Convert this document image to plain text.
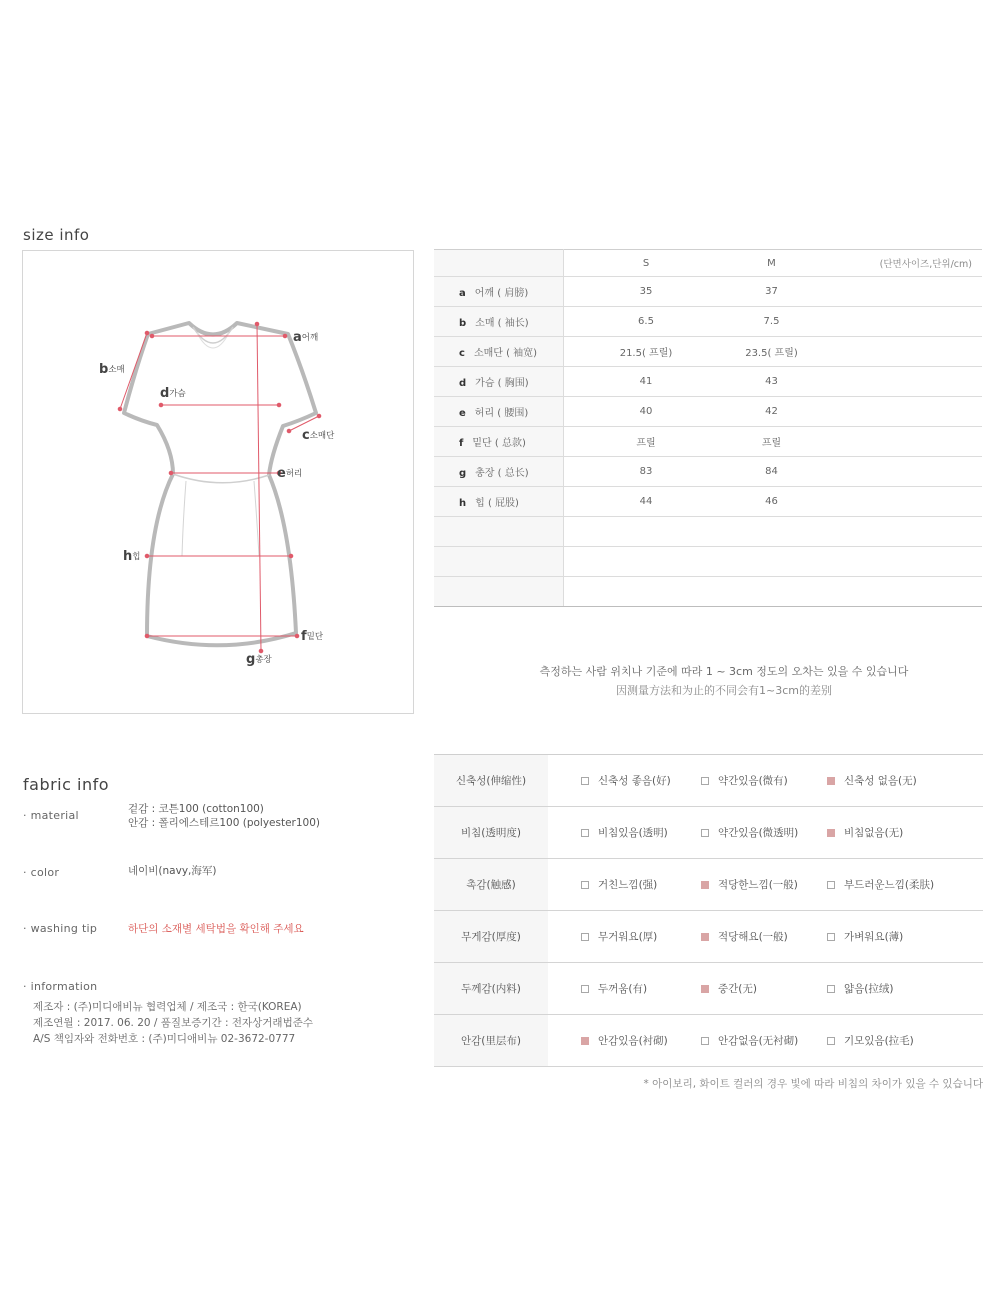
size info
a어깨
b소매
c소매단
d가슴
e허리
f밑단
g총장
h힙
	S	M	(단면사이즈,단위/cm)
a 어깨 ( 肩膀)	35	37	
b 소매 ( 袖长)	6.5	7.5	
c 소매단 ( 袖宽)	21.5( 프릴)	23.5( 프릴)	
d 가슴 ( 胸围)	41	43	
e 허리 ( 腰围)	40	42	
f 밑단 ( 总款)	프릴	프릴	
g 총장 ( 总长)	83	84	
h 힙 ( 屁股)	44	46	

측정하는 사람 위치나 기준에 따라 1 ~ 3cm 정도의 오차는 있을 수 있습니다
因测量方法和为止的不同会有1~3cm的差别
fabric info
· material	겉감 : 코튼100 (cotton100)
안감 : 폴리에스테르100 (polyester100)
· color	네이비(navy,海军)
· washing tip	하단의 소재별 세탁법을 확인해 주세요
· information
제조자 : (주)미디애비뉴 협력업체 / 제조국 : 한국(KOREA)
제조연월 : 2017. 06. 20 / 품질보증기간 : 전자상거래법준수
A/S 책임자와 전화번호 : (주)미디애비뉴 02-3672-0777
신축성(伸缩性)	신축성 좋음(好)	약간있음(微有)	신축성 없음(无)
비침(透明度)	비침있음(透明)	약간있음(微透明)	비침없음(无)
촉감(触感)	거친느낌(强)	적당한느낌(一般)	부드러운느낌(柔肤)
무게감(厚度)	무거워요(厚)	적당해요(一般)	가벼워요(薄)
두께감(内料)	두꺼움(有)	중간(无)	얇음(拉绒)
안감(里层布)	안감있음(衬砌)	안감없음(无衬砌)	기모있음(拉毛)
* 아이보리, 화이트 컬러의 경우 빛에 따라 비침의 차이가 있을 수 있습니다
